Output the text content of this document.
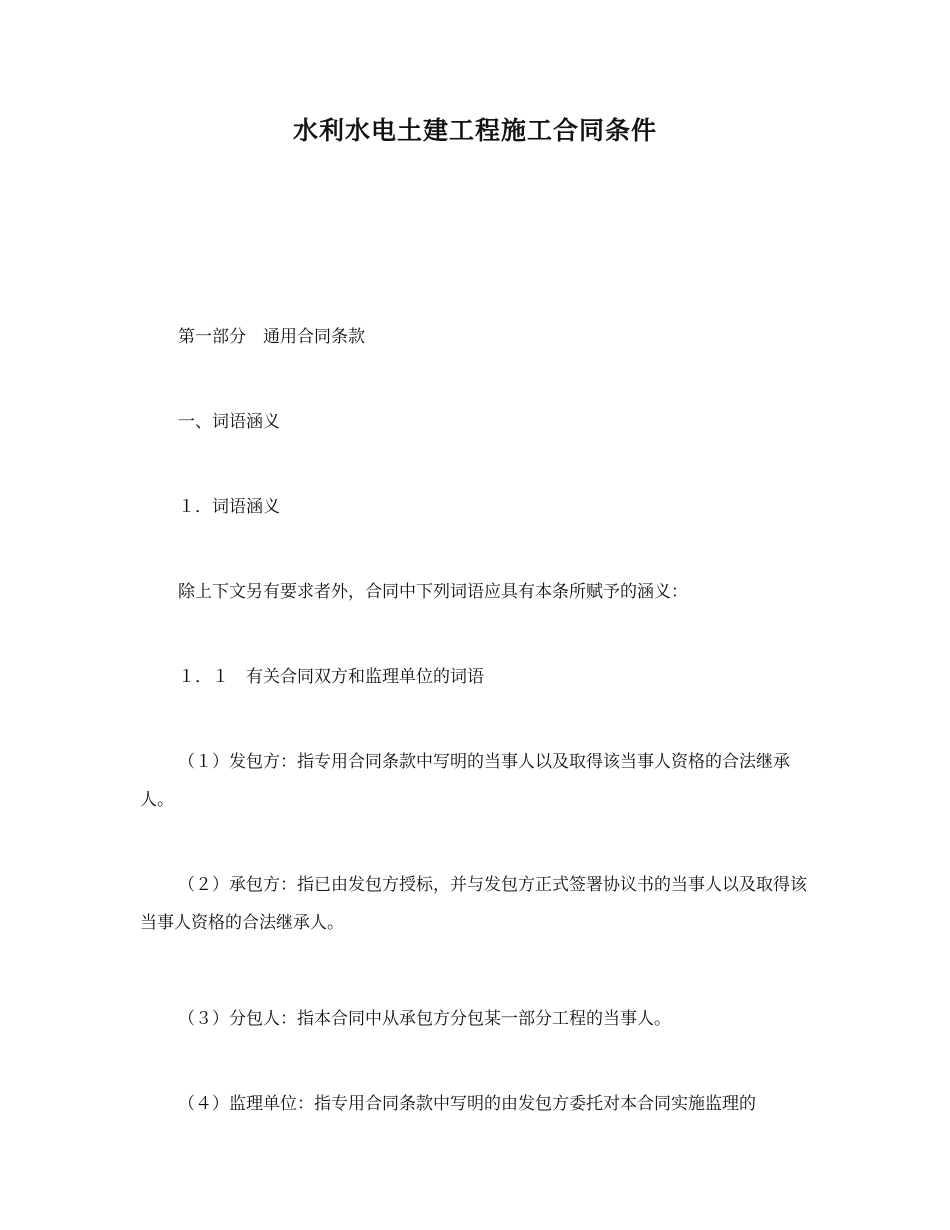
水利水电土建工程施工合同条件

第一部分　通用合同条款

一、词语涵义

１．词语涵义

除上下文另有要求者外，合同中下列词语应具有本条所赋予的涵义：

１．１　有关合同双方和监理单位的词语

（１）发包方：指专用合同条款中写明的当事人以及取得该当事人资格的合法继承人。

（２）承包方：指已由发包方授标，并与发包方正式签署协议书的当事人以及取得该当事人资格的合法继承人。

（３）分包人：指本合同中从承包方分包某一部分工程的当事人。

（４）监理单位：指专用合同条款中写明的由发包方委托对本合同实施监理的
